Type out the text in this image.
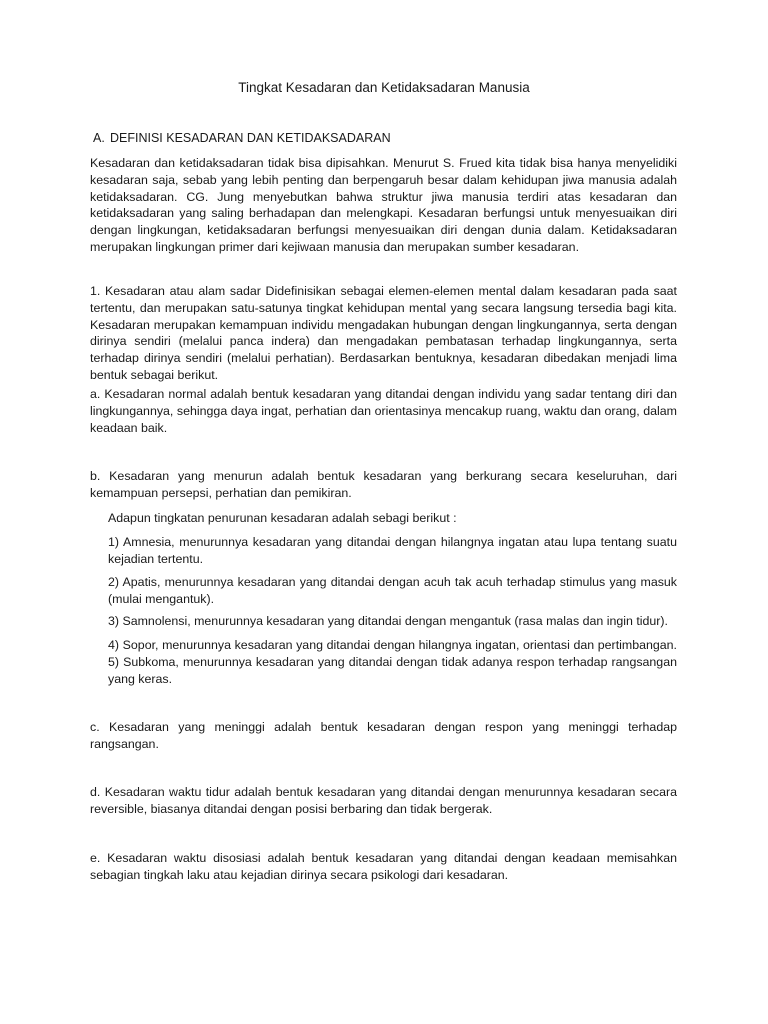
Tingkat Kesadaran dan Ketidaksadaran Manusia

A. DEFINISI KESADARAN DAN KETIDAKSADARAN

Kesadaran dan ketidaksadaran tidak bisa dipisahkan. Menurut S. Frued kita tidak bisa hanya menyelidiki kesadaran saja, sebab yang lebih penting dan berpengaruh besar dalam kehidupan jiwa manusia adalah ketidaksadaran. CG. Jung menyebutkan bahwa struktur jiwa manusia terdiri atas kesadaran dan ketidaksadaran yang saling berhadapan dan melengkapi. Kesadaran berfungsi untuk menyesuaikan diri dengan lingkungan, ketidaksadaran berfungsi menyesuaikan diri dengan dunia dalam. Ketidaksadaran merupakan lingkungan primer dari kejiwaan manusia dan merupakan sumber kesadaran.

1. Kesadaran atau alam sadar Didefinisikan sebagai elemen-elemen mental dalam kesadaran pada saat tertentu, dan merupakan satu-satunya tingkat kehidupan mental yang secara langsung tersedia bagi kita. Kesadaran merupakan kemampuan individu mengadakan hubungan dengan lingkungannya, serta dengan dirinya sendiri (melalui panca indera) dan mengadakan pembatasan terhadap lingkungannya, serta terhadap dirinya sendiri (melalui perhatian). Berdasarkan bentuknya, kesadaran dibedakan menjadi lima bentuk sebagai berikut.

a. Kesadaran normal adalah bentuk kesadaran yang ditandai dengan individu yang sadar tentang diri dan lingkungannya, sehingga daya ingat, perhatian dan orientasinya mencakup ruang, waktu dan orang, dalam keadaan baik.

b. Kesadaran yang menurun adalah bentuk kesadaran yang berkurang secara keseluruhan, dari kemampuan persepsi, perhatian dan pemikiran.

Adapun tingkatan penurunan kesadaran adalah sebagi berikut :

1) Amnesia, menurunnya kesadaran yang ditandai dengan hilangnya ingatan atau lupa tentang suatu kejadian tertentu.

2) Apatis, menurunnya kesadaran yang ditandai dengan acuh tak acuh terhadap stimulus yang masuk (mulai mengantuk).

3) Samnolensi, menurunnya kesadaran yang ditandai dengan mengantuk (rasa malas dan ingin tidur).

4) Sopor, menurunnya kesadaran yang ditandai dengan hilangnya ingatan, orientasi dan pertimbangan. 5) Subkoma, menurunnya kesadaran yang ditandai dengan tidak adanya respon terhadap rangsangan yang keras.

c. Kesadaran yang meninggi adalah bentuk kesadaran dengan respon yang meninggi terhadap rangsangan.

d. Kesadaran waktu tidur adalah bentuk kesadaran yang ditandai dengan menurunnya kesadaran secara reversible, biasanya ditandai dengan posisi berbaring dan tidak bergerak.

e. Kesadaran waktu disosiasi adalah bentuk kesadaran yang ditandai dengan keadaan memisahkan sebagian tingkah laku atau kejadian dirinya secara psikologi dari kesadaran.
